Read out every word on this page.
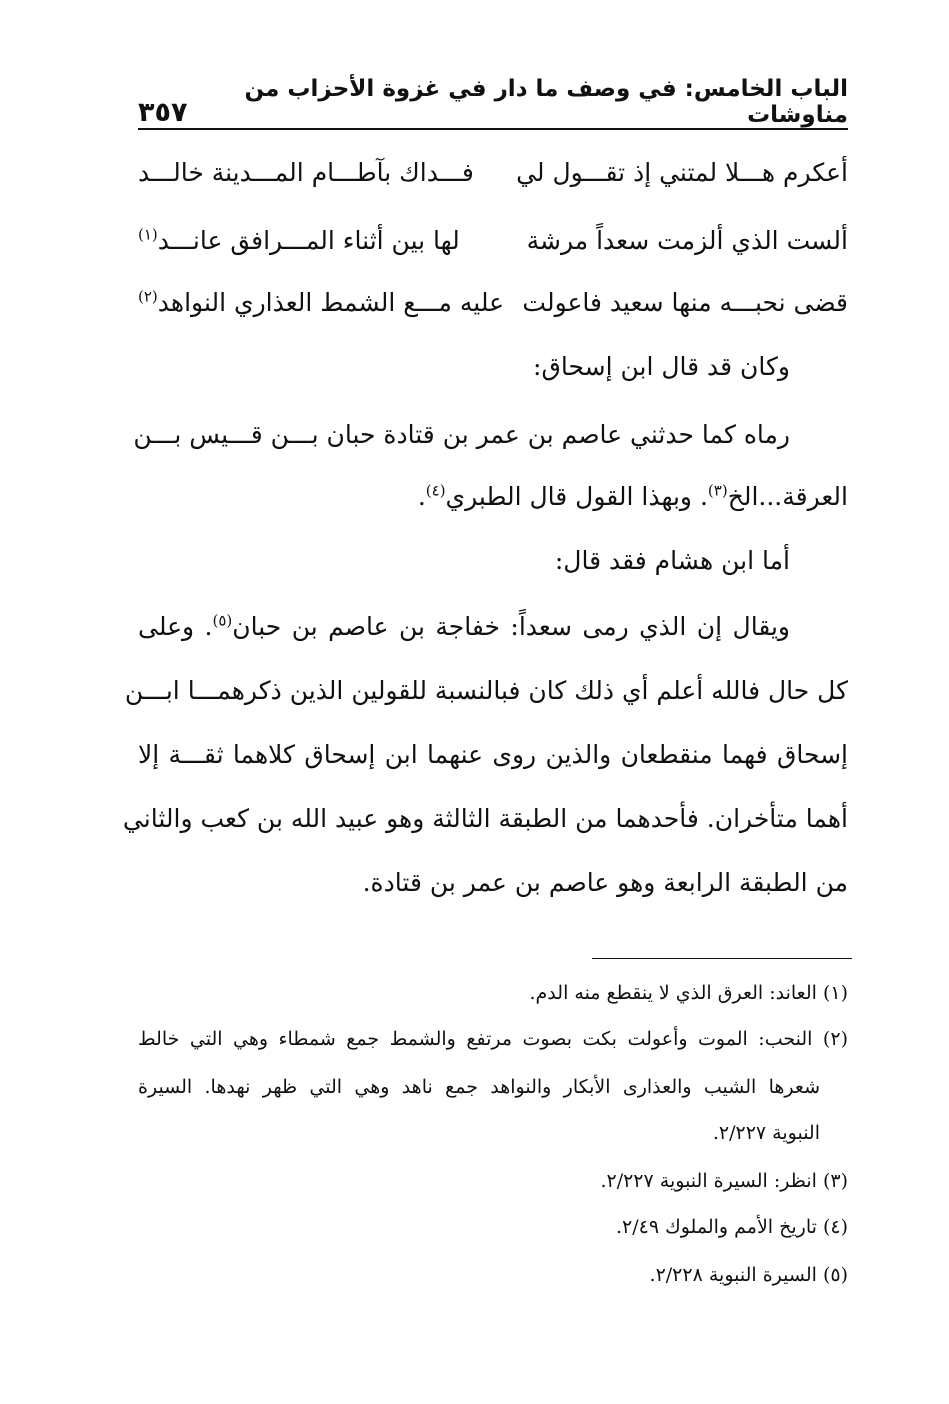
الباب الخامس: في وصف ما دار في غزوة الأحزاب من مناوشات
٣٥٧
أعكرم هـــلا لمتني إذ تقـــول لي
فـــداك بآطـــام المـــدينة خالـــد
ألست الذي ألزمت سعداً مرشة
لها بين أثناء المـــرافق عانـــد$^{(١)}$
قضى نحبـــه منها سعيد فاعولت
عليه مـــع الشمط العذاري النواهد$^{(٢)}$
وكان قد قال ابن إسحاق:
رماه كما حدثني عاصم بن عمر بن قتادة حبان بـــن قـــيس بـــن
العرقة...الخ$^{(٣)}$. وبهذا القول قال الطبري$^{(٤)}$.
أما ابن هشام فقد قال:
ويقال إن الذي رمى سعداً: خفاجة بن عاصم بن حبان$^{(٥)}$. وعلى
كل حال فالله أعلم أي ذلك كان فبالنسبة للقولين الذين ذكرهمـــا ابـــن
إسحاق فهما منقطعان والذين روى عنهما ابن إسحاق كلاهما ثقـــة إلا
أهما متأخران. فأحدهما من الطبقة الثالثة وهو عبيد الله بن كعب والثاني
من الطبقة الرابعة وهو عاصم بن عمر بن قتادة.
(١) العاند: العرق الذي لا ينقطع منه الدم.
(٢) النحب: الموت وأعولت بكت بصوت مرتفع والشمط جمع شمطاء وهي التي خالط
شعرها الشيب والعذارى الأبكار والنواهد جمع ناهد وهي التي ظهر نهدها. السيرة
النبوية ٢/٢٢٧.
(٣) انظر: السيرة النبوية ٢/٢٢٧.
(٤) تاريخ الأمم والملوك ٢/٤٩.
(٥) السيرة النبوية ٢/٢٢٨.
